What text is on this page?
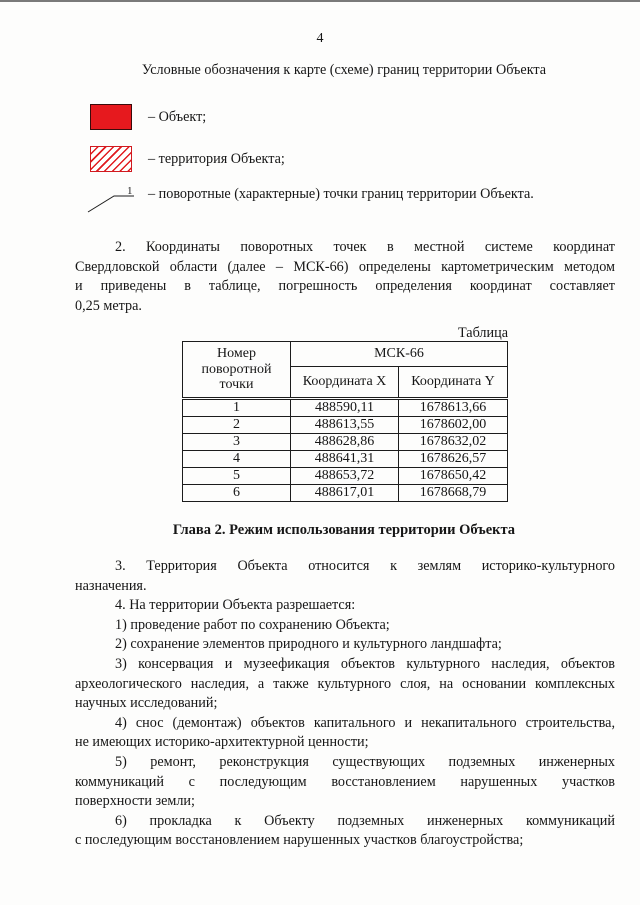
4
Условные обозначения к карте (схеме) границ территории Объекта
– Объект;
– территория Объекта;
1 – поворотные (характерные) точки границ территории Объекта.
2. Координаты поворотных точек в местной системе координат
Свердловской области (далее – МСК-66) определены картометрическим методом
и приведены в таблице, погрешность определения координат составляет
0,25 метра.
Таблица
Номер поворотной точки	МСК-66	
	Координата X	Координата Y
1	488590,11	1678613,66
2	488613,55	1678602,00
3	488628,86	1678632,02
4	488641,31	1678626,57
5	488653,72	1678650,42
6	488617,01	1678668,79
Глава 2. Режим использования территории Объекта
3. Территория Объекта относится к землям историко-культурного
назначения.
4. На территории Объекта разрешается:
1) проведение работ по сохранению Объекта;
2) сохранение элементов природного и культурного ландшафта;
3) консервация и музеефикация объектов культурного наследия, объектов
археологического наследия, а также культурного слоя, на основании комплексных
научных исследований;
4) снос (демонтаж) объектов капитального и некапитального строительства,
не имеющих историко-архитектурной ценности;
5) ремонт, реконструкция существующих подземных инженерных
коммуникаций с последующим восстановлением нарушенных участков
поверхности земли;
6) прокладка к Объекту подземных инженерных коммуникаций
с последующим восстановлением нарушенных участков благоустройства;
